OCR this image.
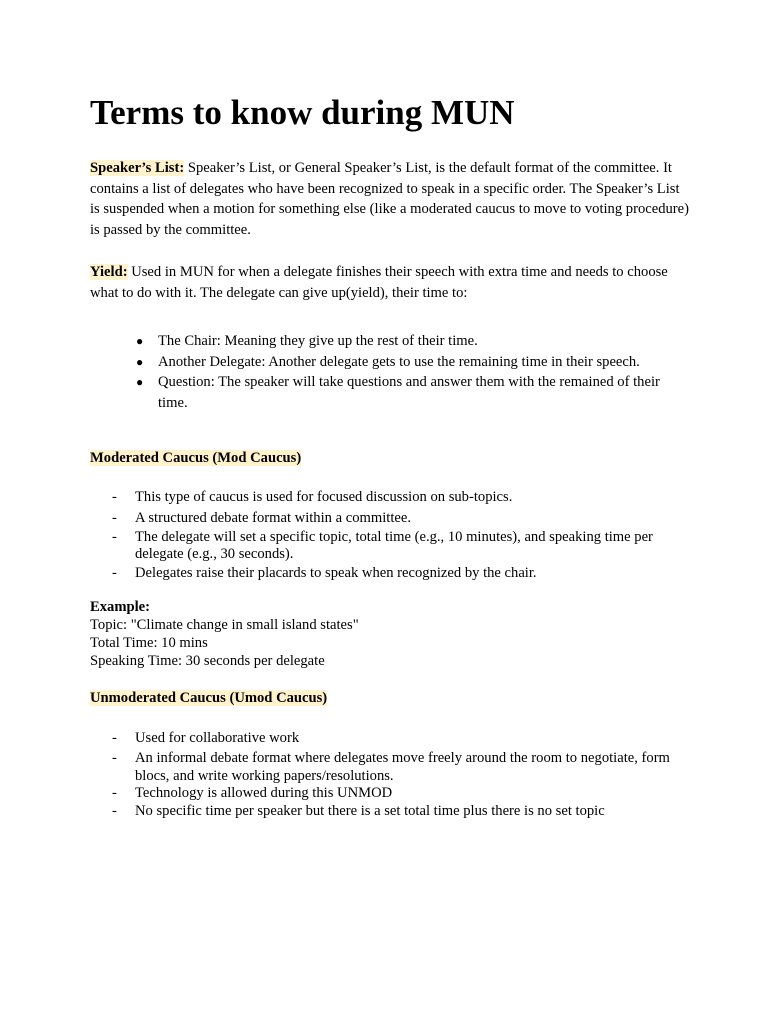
Terms to know during MUN

Speaker’s List: Speaker’s List, or General Speaker’s List, is the default format of the committee. It contains a list of delegates who have been recognized to speak in a specific order. The Speaker’s List is suspended when a motion for something else (like a moderated caucus to move to voting procedure) is passed by the committee.

Yield: Used in MUN for when a delegate finishes their speech with extra time and needs to choose what to do with it. The delegate can give up(yield), their time to:

● The Chair: Meaning they give up the rest of their time.
● Another Delegate: Another delegate gets to use the remaining time in their speech.
● Question: The speaker will take questions and answer them with the remained of their time.

Moderated Caucus (Mod Caucus)

- This type of caucus is used for focused discussion on sub-topics.
- A structured debate format within a committee.
- The delegate will set a specific topic, total time (e.g., 10 minutes), and speaking time per delegate (e.g., 30 seconds).
- Delegates raise their placards to speak when recognized by the chair.
Example:
Topic: "Climate change in small island states"
Total Time: 10 mins
Speaking Time: 30 seconds per delegate

Unmoderated Caucus (Umod Caucus)

- Used for collaborative work
- An informal debate format where delegates move freely around the room to negotiate, form blocs, and write working papers/resolutions.
- Technology is allowed during this UNMOD
- No specific time per speaker but there is a set total time plus there is no set topic
